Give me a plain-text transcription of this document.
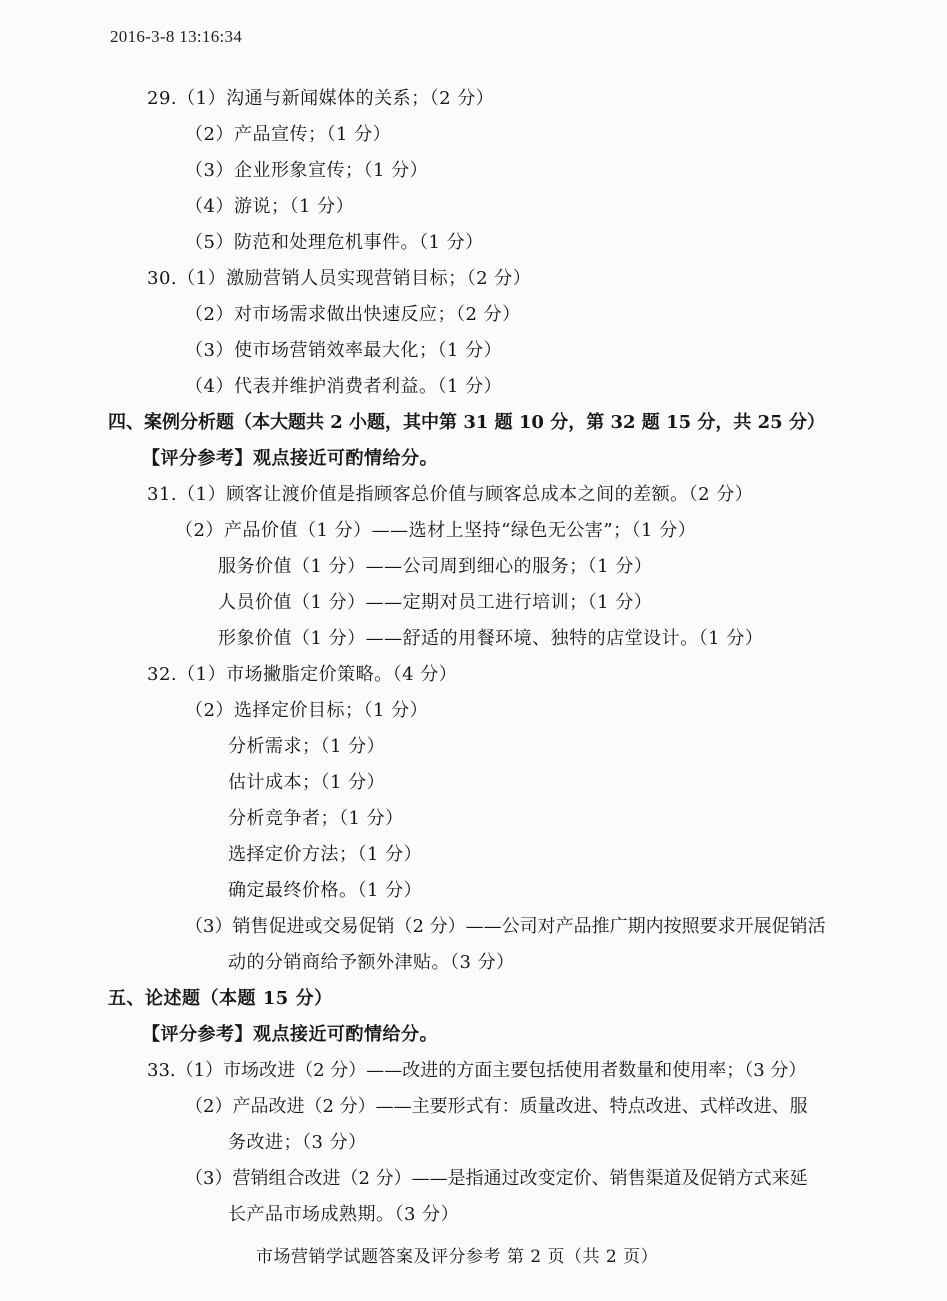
2016-3-8 13:16:34
29.（1）沟通与新闻媒体的关系；（2 分）
（2）产品宣传；（1 分）
（3）企业形象宣传；（1 分）
（4）游说；（1 分）
（5）防范和处理危机事件。（1 分）
30.（1）激励营销人员实现营销目标；（2 分）
（2）对市场需求做出快速反应；（2 分）
（3）使市场营销效率最大化；（1 分）
（4）代表并维护消费者利益。（1 分）
四、案例分析题（本大题共 2 小题，其中第 31 题 10 分，第 32 题 15 分，共 25 分）
【评分参考】观点接近可酌情给分。
31.（1）顾客让渡价值是指顾客总价值与顾客总成本之间的差额。（2 分）
（2）产品价值（1 分）——选材上坚持“绿色无公害”；（1 分）
服务价值（1 分）——公司周到细心的服务；（1 分）
人员价值（1 分）——定期对员工进行培训；（1 分）
形象价值（1 分）——舒适的用餐环境、独特的店堂设计。（1 分）
32.（1）市场撇脂定价策略。（4 分）
（2）选择定价目标；（1 分）
分析需求；（1 分）
估计成本；（1 分）
分析竞争者；（1 分）
选择定价方法；（1 分）
确定最终价格。（1 分）
（3）销售促进或交易促销（2 分）——公司对产品推广期内按照要求开展促销活
动的分销商给予额外津贴。（3 分）
五、论述题（本题 15 分）
【评分参考】观点接近可酌情给分。
33.（1）市场改进（2 分）——改进的方面主要包括使用者数量和使用率；（3 分）
（2）产品改进（2 分）——主要形式有：质量改进、特点改进、式样改进、服
务改进；（3 分）
（3）营销组合改进（2 分）——是指通过改变定价、销售渠道及促销方式来延
长产品市场成熟期。（3 分）
市场营销学试题答案及评分参考 第 2 页（共 2 页）
